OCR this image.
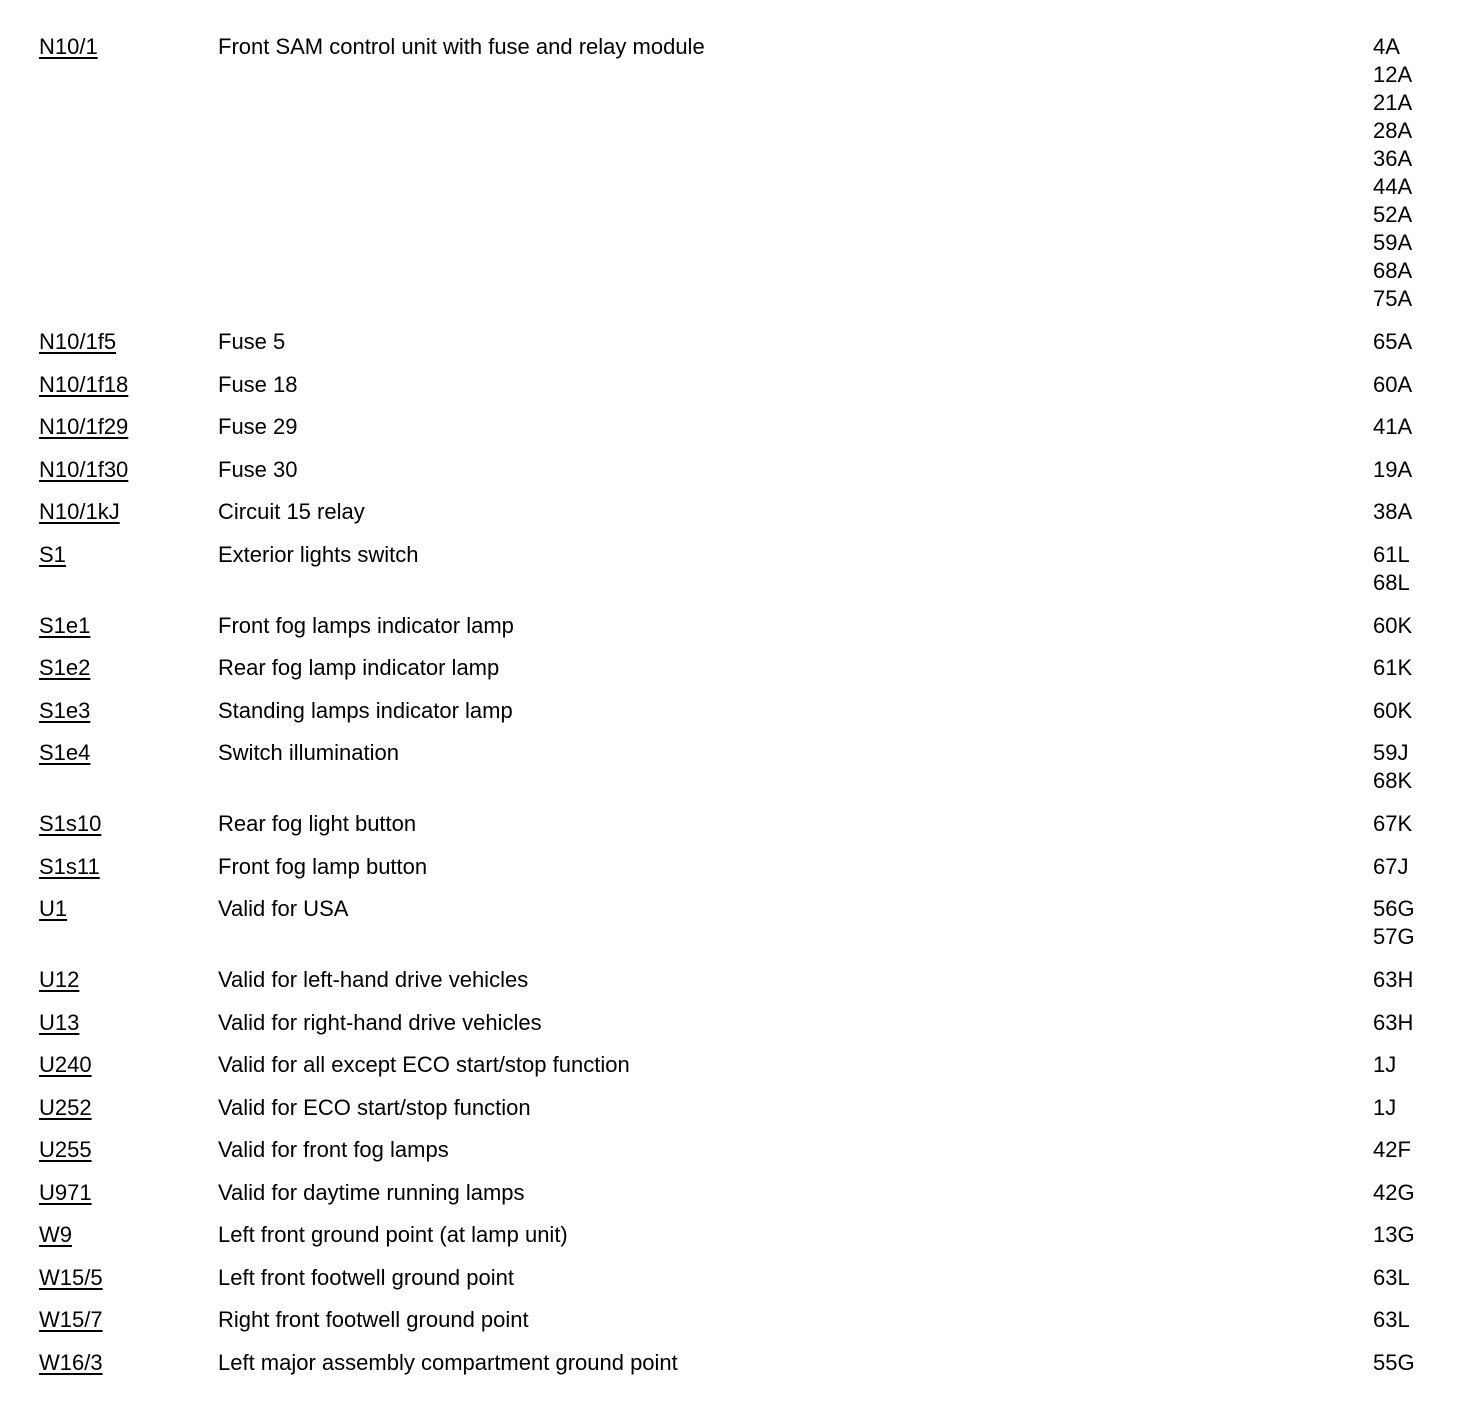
N10/1	Front SAM control unit with fuse and relay module	4A
12A
21A
28A
36A
44A
52A
59A
68A
75A
N10/1f5	Fuse 5	65A
N10/1f18	Fuse 18	60A
N10/1f29	Fuse 29	41A
N10/1f30	Fuse 30	19A
N10/1kJ	Circuit 15 relay	38A
S1	Exterior lights switch	61L
68L
S1e1	Front fog lamps indicator lamp	60K
S1e2	Rear fog lamp indicator lamp	61K
S1e3	Standing lamps indicator lamp	60K
S1e4	Switch illumination	59J
68K
S1s10	Rear fog light button	67K
S1s11	Front fog lamp button	67J
U1	Valid for USA	56G
57G
U12	Valid for left-hand drive vehicles	63H
U13	Valid for right-hand drive vehicles	63H
U240	Valid for all except ECO start/stop function	1J
U252	Valid for ECO start/stop function	1J
U255	Valid for front fog lamps	42F
U971	Valid for daytime running lamps	42G
W9	Left front ground point (at lamp unit)	13G
W15/5	Left front footwell ground point	63L
W15/7	Right front footwell ground point	63L
W16/3	Left major assembly compartment ground point	55G
